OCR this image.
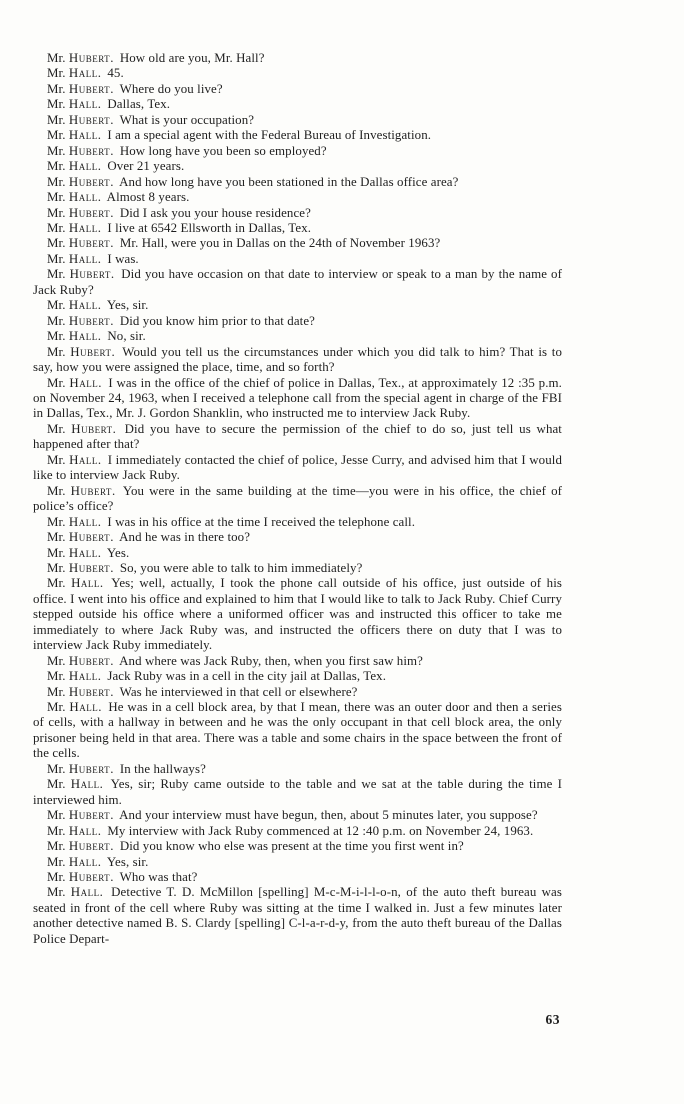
Mr. Hubert. How old are you, Mr. Hall?

Mr. Hall. 45.

Mr. Hubert. Where do you live?

Mr. Hall. Dallas, Tex.

Mr. Hubert. What is your occupation?

Mr. Hall. I am a special agent with the Federal Bureau of Investigation.

Mr. Hubert. How long have you been so employed?

Mr. Hall. Over 21 years.

Mr. Hubert. And how long have you been stationed in the Dallas office area?

Mr. Hall. Almost 8 years.

Mr. Hubert. Did I ask you your house residence?

Mr. Hall. I live at 6542 Ellsworth in Dallas, Tex.

Mr. Hubert. Mr. Hall, were you in Dallas on the 24th of November 1963?

Mr. Hall. I was.

Mr. Hubert. Did you have occasion on that date to interview or speak to a man by the name of Jack Ruby?

Mr. Hall. Yes, sir.

Mr. Hubert. Did you know him prior to that date?

Mr. Hall. No, sir.

Mr. Hubert. Would you tell us the circumstances under which you did talk to him? That is to say, how you were assigned the place, time, and so forth?

Mr. Hall. I was in the office of the chief of police in Dallas, Tex., at approximately 12 :35 p.m. on November 24, 1963, when I received a telephone call from the special agent in charge of the FBI in Dallas, Tex., Mr. J. Gordon Shanklin, who instructed me to interview Jack Ruby.

Mr. Hubert. Did you have to secure the permission of the chief to do so, just tell us what happened after that?

Mr. Hall. I immediately contacted the chief of police, Jesse Curry, and advised him that I would like to interview Jack Ruby.

Mr. Hubert. You were in the same building at the time—you were in his office, the chief of police’s office?

Mr. Hall. I was in his office at the time I received the telephone call.

Mr. Hubert. And he was in there too?

Mr. Hall. Yes.

Mr. Hubert. So, you were able to talk to him immediately?

Mr. Hall. Yes; well, actually, I took the phone call outside of his office, just outside of his office. I went into his office and explained to him that I would like to talk to Jack Ruby. Chief Curry stepped outside his office where a uniformed officer was and instructed this officer to take me immediately to where Jack Ruby was, and instructed the officers there on duty that I was to interview Jack Ruby immediately.

Mr. Hubert. And where was Jack Ruby, then, when you first saw him?

Mr. Hall. Jack Ruby was in a cell in the city jail at Dallas, Tex.

Mr. Hubert. Was he interviewed in that cell or elsewhere?

Mr. Hall. He was in a cell block area, by that I mean, there was an outer door and then a series of cells, with a hallway in between and he was the only occupant in that cell block area, the only prisoner being held in that area. There was a table and some chairs in the space between the front of the cells.

Mr. Hubert. In the hallways?

Mr. Hall. Yes, sir; Ruby came outside to the table and we sat at the table during the time I interviewed him.

Mr. Hubert. And your interview must have begun, then, about 5 minutes later, you suppose?

Mr. Hall. My interview with Jack Ruby commenced at 12 :40 p.m. on November 24, 1963.

Mr. Hubert. Did you know who else was present at the time you first went in?

Mr. Hall. Yes, sir.

Mr. Hubert. Who was that?

Mr. Hall. Detective T. D. McMillon [spelling] M-c-M-i-l-l-o-n, of the auto theft bureau was seated in front of the cell where Ruby was sitting at the time I walked in. Just a few minutes later another detective named B. S. Clardy [spelling] C-l-a-r-d-y, from the auto theft bureau of the Dallas Police Depart-

63
